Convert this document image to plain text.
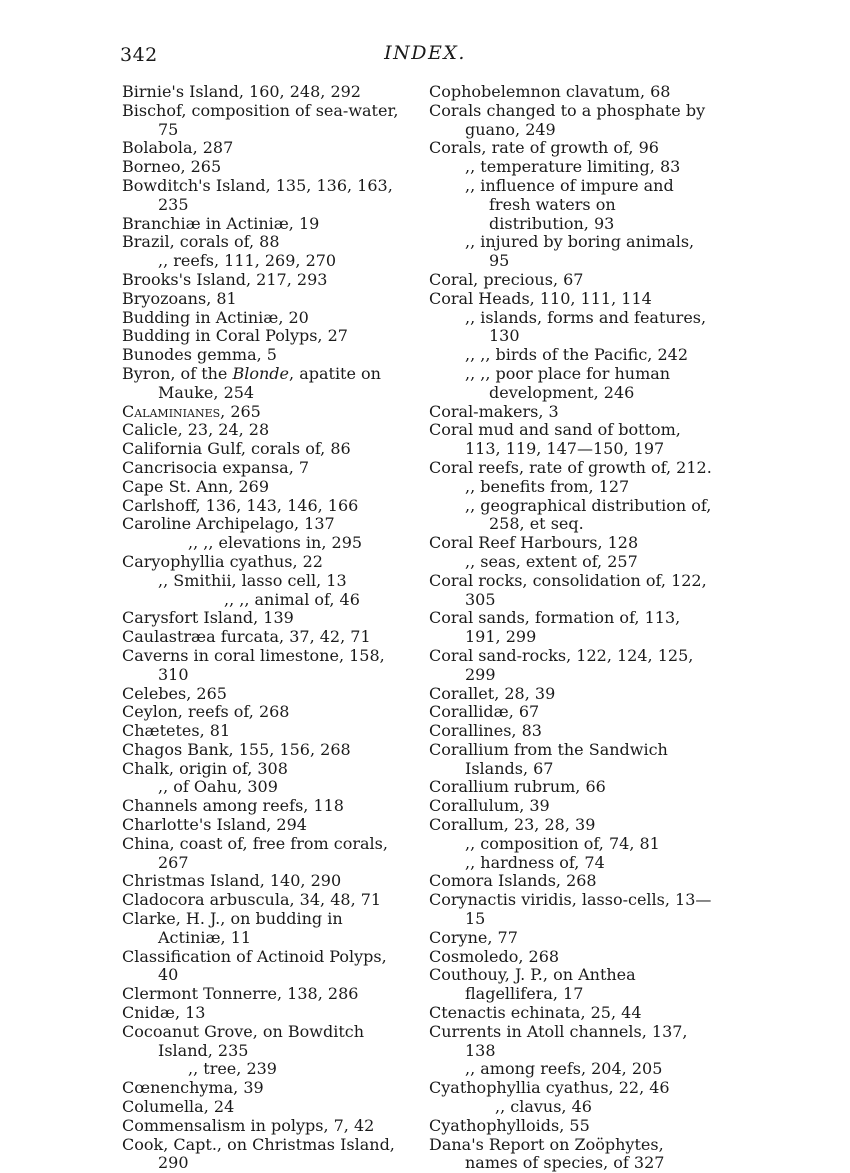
342	INDEX.

Birnie's Island, 160, 248, 292

Bischof, composition of sea-water, 75

Bolabola, 287

Borneo, 265

Bowditch's Island, 135, 136, 163, 235

Branchiæ in Actiniæ, 19

Brazil, corals of, 88

,, reefs, 111, 269, 270

Brooks's Island, 217, 293

Bryozoans, 81

Budding in Actiniæ, 20

Budding in Coral Polyps, 27

Bunodes gemma, 5

Byron, of the Blonde, apatite on Mauke, 254

Calaminianes, 265

Calicle, 23, 24, 28

California Gulf, corals of, 86

Cancrisocia expansa, 7

Cape St. Ann, 269

Carlshoff, 136, 143, 146, 166

Caroline Archipelago, 137

,, ,, elevations in, 295

Caryophyllia cyathus, 22

,, Smithii, lasso cell, 13

,, ,, animal of, 46

Carysfort Island, 139

Caulastræa furcata, 37, 42, 71

Caverns in coral limestone, 158, 310

Celebes, 265

Ceylon, reefs of, 268

Chætetes, 81

Chagos Bank, 155, 156, 268

Chalk, origin of, 308

,, of Oahu, 309

Channels among reefs, 118

Charlotte's Island, 294

China, coast of, free from corals, 267

Christmas Island, 140, 290

Cladocora arbuscula, 34, 48, 71

Clarke, H. J., on budding in Actiniæ, 11

Classification of Actinoid Polyps, 40

Clermont Tonnerre, 138, 286

Cnidæ, 13

Cocoanut Grove, on Bowditch Island, 235

,, tree, 239

Cœnenchyma, 39

Columella, 24

Commensalism in polyps, 7, 42

Cook, Capt., on Christmas Island, 290

Cophobelemnon clavatum, 68

Corals changed to a phosphate by guano, 249

Corals, rate of growth of, 96

,, temperature limiting, 83

,, influence of impure and fresh waters on distribution, 93

,, injured by boring animals, 95

Coral, precious, 67

Coral Heads, 110, 111, 114

,, islands, forms and features, 130

,, ,, birds of the Pacific, 242

,, ,, poor place for human development, 246

Coral-makers, 3

Coral mud and sand of bottom, 113, 119, 147—150, 197

Coral reefs, rate of growth of, 212.

,, benefits from, 127

,, geographical distribution of, 258, et seq.

Coral Reef Harbours, 128

,, seas, extent of, 257

Coral rocks, consolidation of, 122, 305

Coral sands, formation of, 113, 191, 299

Coral sand-rocks, 122, 124, 125, 299

Corallet, 28, 39

Corallidæ, 67

Corallines, 83

Corallium from the Sandwich Islands, 67

Corallium rubrum, 66

Corallulum, 39

Corallum, 23, 28, 39

,, composition of, 74, 81

,, hardness of, 74

Comora Islands, 268

Corynactis viridis, lasso-cells, 13—15

Coryne, 77

Cosmoledo, 268

Couthouy, J. P., on Anthea flagellifera, 17

Ctenactis echinata, 25, 44

Currents in Atoll channels, 137, 138

,, among reefs, 204, 205

Cyathophyllia cyathus, 22, 46

,, clavus, 46

Cyathophylloids, 55

Dana's Report on Zoöphytes, names of species, of 327
